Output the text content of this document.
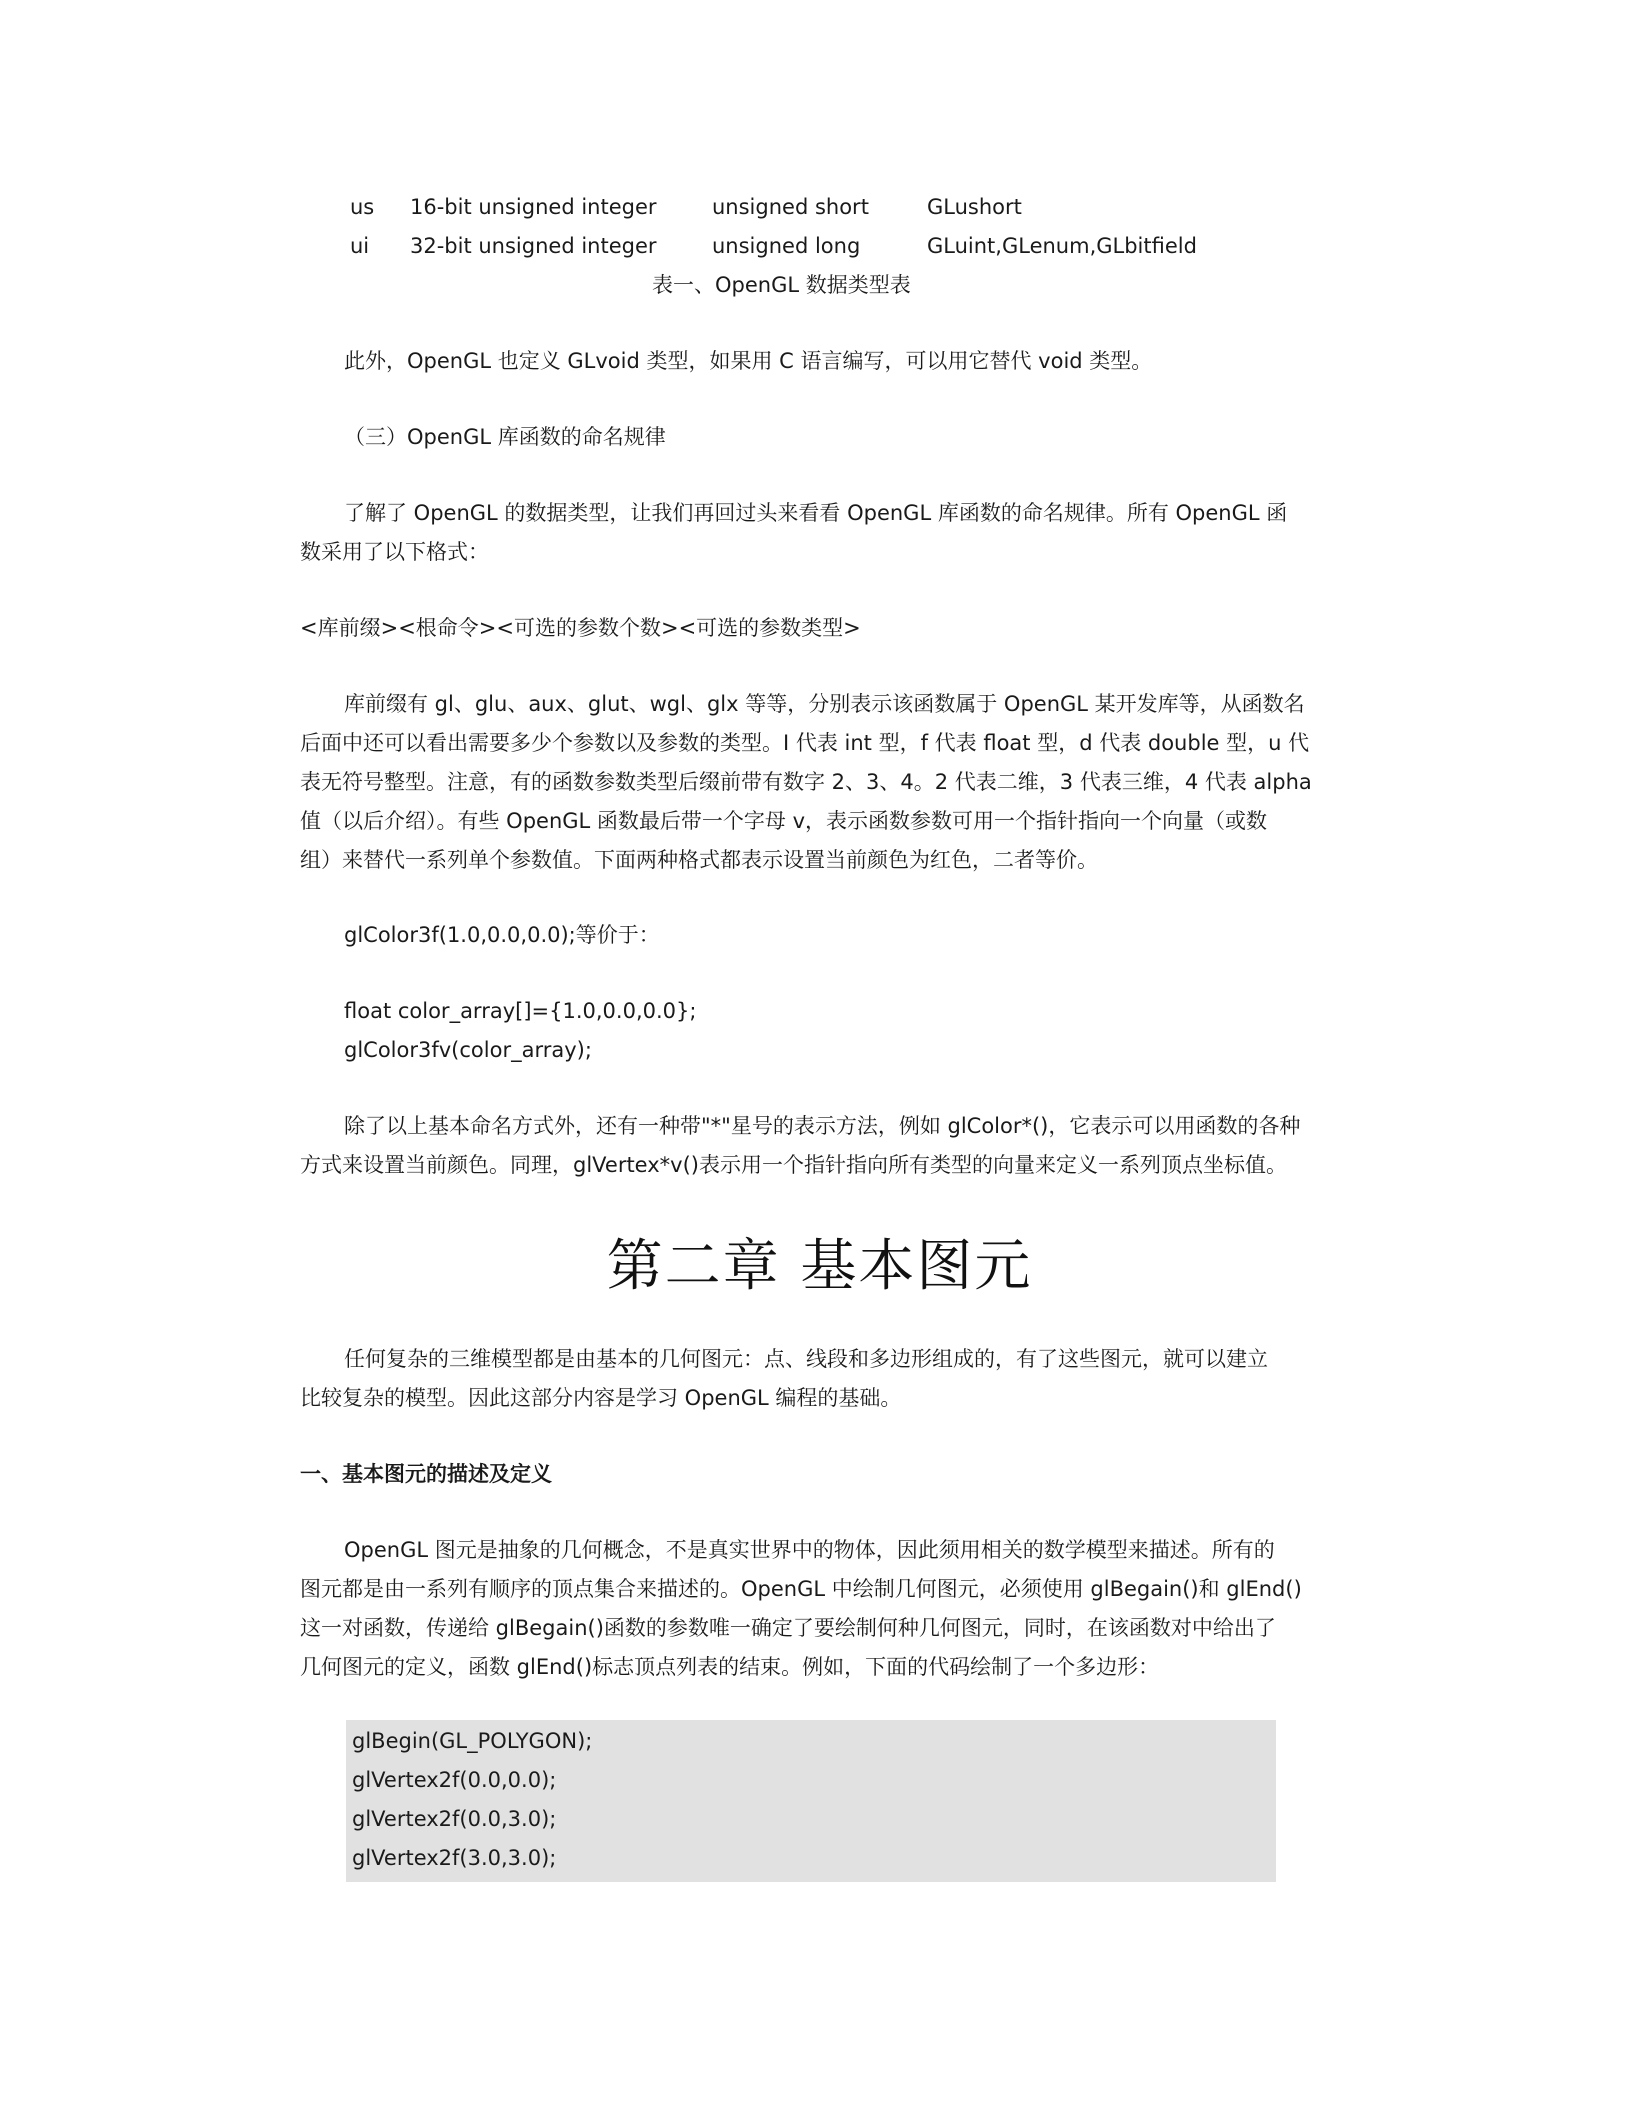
us 16-bit unsigned integer	unsigned short	GLushort
ui 32-bit unsigned integer	unsigned long	GLuint,GLenum,GLbitfield
表一、OpenGL 数据类型表
此外，OpenGL 也定义 GLvoid 类型，如果用 C 语言编写，可以用它替代 void 类型。
（三）OpenGL 库函数的命名规律
了解了 OpenGL 的数据类型，让我们再回过头来看看 OpenGL 库函数的命名规律。所有 OpenGL 函
数采用了以下格式：
<库前缀><根命令><可选的参数个数><可选的参数类型>
库前缀有 gl、glu、aux、glut、wgl、glx 等等，分别表示该函数属于 OpenGL 某开发库等，从函数名
后面中还可以看出需要多少个参数以及参数的类型。I 代表 int 型，f 代表 float 型，d 代表 double 型，u 代
表无符号整型。注意，有的函数参数类型后缀前带有数字 2、3、4。2 代表二维，3 代表三维，4 代表 alpha
值（以后介绍）。有些 OpenGL 函数最后带一个字母 v，表示函数参数可用一个指针指向一个向量（或数
组）来替代一系列单个参数值。下面两种格式都表示设置当前颜色为红色，二者等价。
glColor3f(1.0,0.0,0.0);等价于：
float color_array[]={1.0,0.0,0.0};
glColor3fv(color_array);
除了以上基本命名方式外，还有一种带"*"星号的表示方法，例如 glColor*()，它表示可以用函数的各种
方式来设置当前颜色。同理，glVertex*v()表示用一个指针指向所有类型的向量来定义一系列顶点坐标值。
第二章 基本图元
任何复杂的三维模型都是由基本的几何图元：点、线段和多边形组成的，有了这些图元，就可以建立
比较复杂的模型。因此这部分内容是学习 OpenGL 编程的基础。
一、基本图元的描述及定义
OpenGL 图元是抽象的几何概念，不是真实世界中的物体，因此须用相关的数学模型来描述。所有的
图元都是由一系列有顺序的顶点集合来描述的。OpenGL 中绘制几何图元，必须使用 glBegain()和 glEnd()
这一对函数，传递给 glBegain()函数的参数唯一确定了要绘制何种几何图元，同时，在该函数对中给出了
几何图元的定义，函数 glEnd()标志顶点列表的结束。例如，下面的代码绘制了一个多边形：
glBegin(GL_POLYGON);
glVertex2f(0.0,0.0);
glVertex2f(0.0,3.0);
glVertex2f(3.0,3.0);
